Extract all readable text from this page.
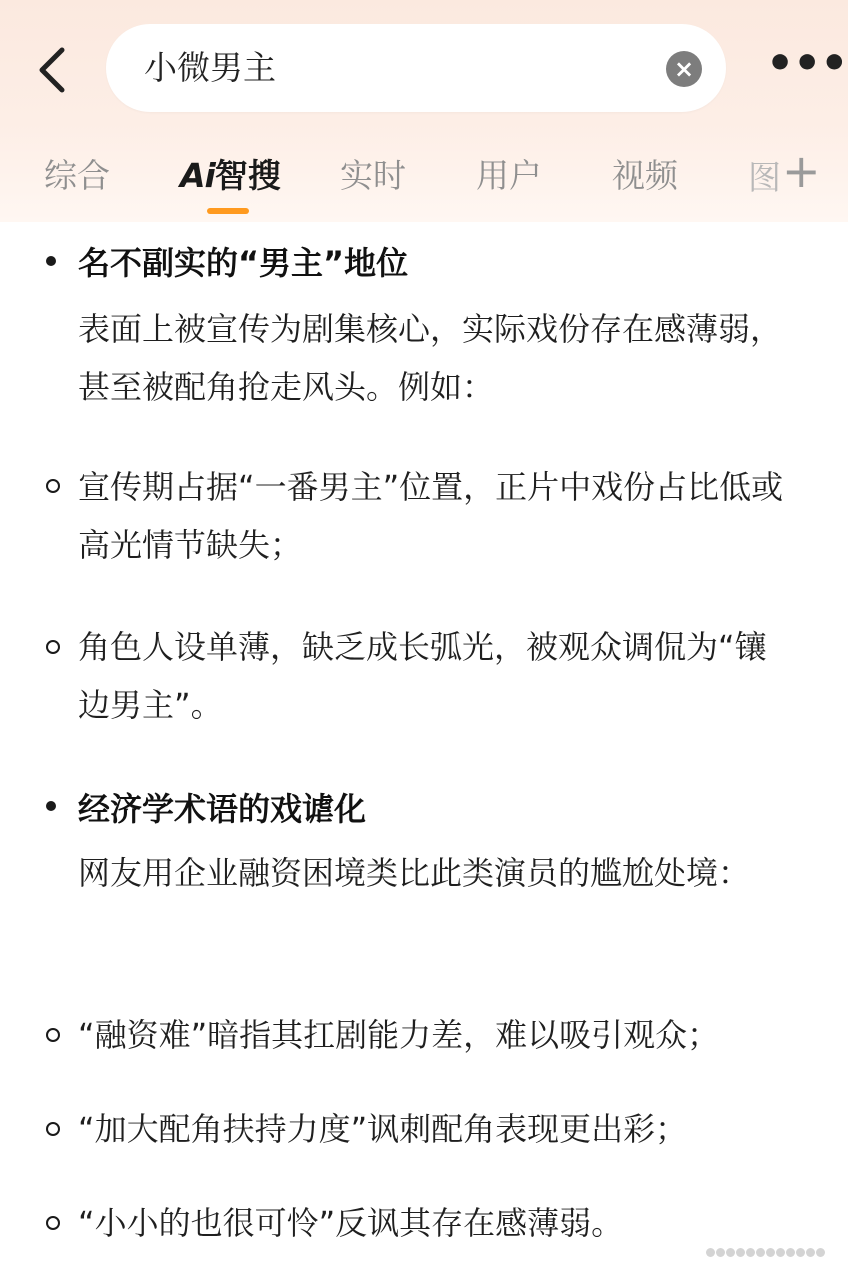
小微男主	× •••
综合 Ai智搜 实时 用户 视频 图 +
名不副实的“男主”地位
表面上被宣传为剧集核心，实际戏份存在感薄弱，甚至被配角抢走风头。例如：
宣传期占据“一番男主”位置，正片中戏份占比低或高光情节缺失；
角色人设单薄，缺乏成长弧光，被观众调侃为“镶边男主”。
经济学术语的戏谑化
网友用企业融资困境类比此类演员的尴尬处境：
“融资难”暗指其扛剧能力差，难以吸引观众；
“加大配角扶持力度”讽刺配角表现更出彩；
“小小的也很可怜”反讽其存在感薄弱。
